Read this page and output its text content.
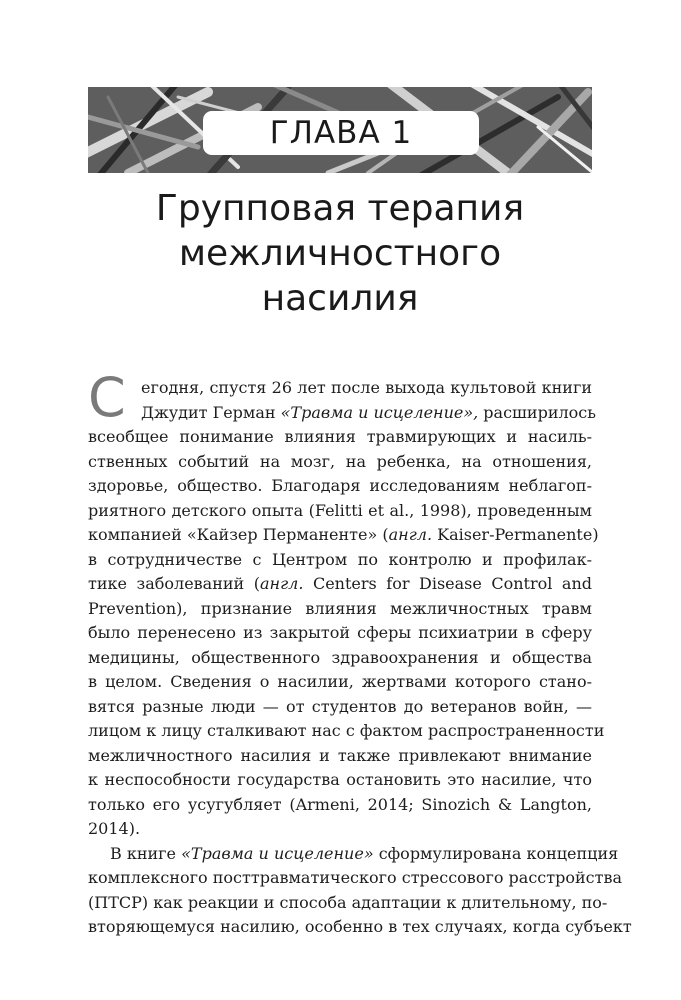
ГЛАВА 1
Групповая терапия
межличностного
насилия
С егодня, спустя 26 лет после выхода культовой книги
Джудит Герман «Травма и исцеление», расширилось
всеобщее понимание влияния травмирующих и насиль-
ственных событий на мозг, на ребенка, на отношения,
здоровье, общество. Благодаря исследованиям неблагоп-
риятного детского опыта (Felitti et al., 1998), проведенным
компанией «Кайзер Перманенте» (англ. Kaiser-Permanente)
в сотрудничестве с Центром по контролю и профилак-
тике заболеваний (англ. Centers for Disease Control and
Prevention), признание влияния межличностных травм
было перенесено из закрытой сферы психиатрии в сферу
медицины, общественного здравоохранения и общества
в целом. Сведения о насилии, жертвами которого стано-
вятся разные люди — от студентов до ветеранов войн, —
лицом к лицу сталкивают нас с фактом распространенности
межличностного насилия и также привлекают внимание
к неспособности государства остановить это насилие, что
только его усугубляет (Armeni, 2014; Sinozich & Langton,
2014).
В книге «Травма и исцеление» сформулирована концепция
комплексного посттравматического стрессового расстройства
(ПТСР) как реакции и способа адаптации к длительному, по-
вторяющемуся насилию, особенно в тех случаях, когда субъект
